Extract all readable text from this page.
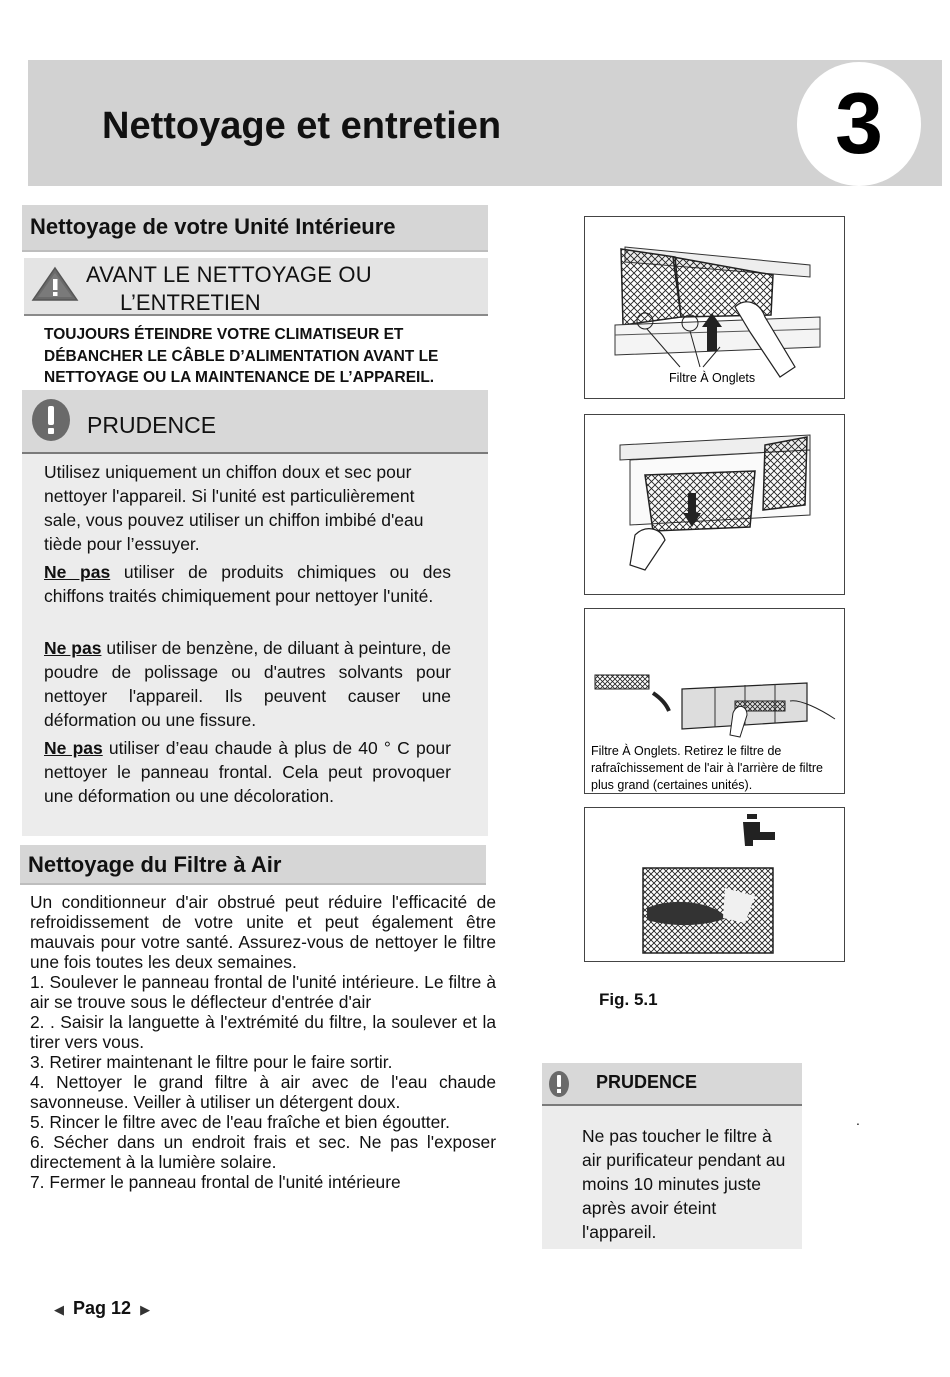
Nettoyage et entretien	3
Nettoyage de votre Unité Intérieure
AVANT LE NETTOYAGE OU
L’ENTRETIEN
TOUJOURS ÉTEINDRE VOTRE CLIMATISEUR ET
DÉBANCHER LE CÂBLE D’ALIMENTATION AVANT LE
NETTOYAGE OU LA MAINTENANCE DE L’APPAREIL.
PRUDENCE
Utilisez uniquement un chiffon doux et sec pour nettoyer l'appareil. Si l'unité est particulièrement sale, vous pouvez utiliser un chiffon imbibé d'eau tiède pour l’essuyer.
Ne pas utiliser de produits chimiques ou des chiffons traités chimiquement pour nettoyer l'unité.
Ne pas utiliser de benzène, de diluant à peinture, de poudre de polissage ou d'autres solvants pour nettoyer l'appareil. Ils peuvent causer une déformation ou une fissure.
Ne pas utiliser d’eau chaude à plus de 40 ° C pour nettoyer le panneau frontal. Cela peut provoquer une déformation ou une décoloration.
Nettoyage du Filtre à Air
Un conditionneur d'air obstrué peut réduire l'efficacité de refroidissement de votre unite et peut également être mauvais pour votre santé. Assurez-vous de nettoyer le filtre une fois toutes les deux semaines.
1. Soulever le panneau frontal de l'unité intérieure. Le filtre à air se trouve sous le déflecteur d'entrée d'air
2. . Saisir la languette à l'extrémité du filtre, la soulever et la tirer vers vous.
3. Retirer maintenant le filtre pour le faire sortir.
4. Nettoyer le grand filtre à air avec de l'eau chaude savonneuse. Veiller à utiliser un détergent doux.
5. Rincer le filtre avec de l'eau fraîche et bien égoutter.
6. Sécher dans un endroit frais et sec. Ne pas l'exposer directement à la lumière solaire.
7. Fermer le panneau frontal de l'unité intérieure
Filtre À Onglets
Filtre À Onglets. Retirez le filtre de
rafraîchissement de l'air à l'arrière de filtre
plus grand (certaines unités).
Fig. 5.1
PRUDENCE
Ne pas toucher le filtre à air purificateur pendant au moins 10 minutes juste après avoir éteint l'appareil.
.
◀ Pag 12 ▶
